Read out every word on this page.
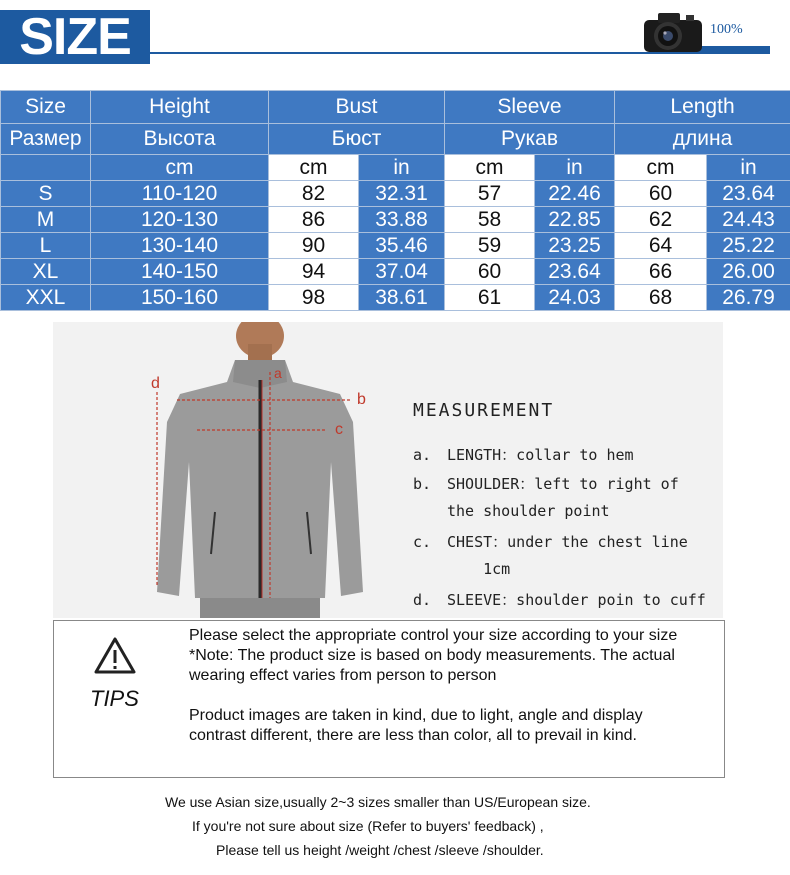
SIZE	100%
Size	Height	Bust		Sleeve		Length	
Размер	Высота	Бюст		Рукав		длина	
	cm	cm	in	cm	in	cm	in
S	110-120	82	32.31	57	22.46	60	23.64
M	120-130	86	33.88	58	22.85	62	24.43
L	130-140	90	35.46	59	23.25	64	25.22
XL	140-150	94	37.04	60	23.64	66	26.00
XXL	150-160	98	38.61	61	24.03	68	26.79
a
b
c
d
MEASUREMENT
a. LENGTH：collar to hem
b. SHOULDER：left to right of
the shoulder point
c. CHEST：under the chest line
1cm
d. SLEEVE：shoulder poin to cuff
TIPS
Please select the appropriate control your size according to your size
*Note: The product size is based on body measurements. The actual
wearing effect varies from person to person
Product images are taken in kind, due to light, angle and display
contrast different, there are less than color, all to prevail in kind.
We use Asian size,usually 2~3 sizes smaller than US/European size.
If you're not sure about size (Refer to buyers' feedback) ,
Please tell us height /weight /chest /sleeve /shoulder.
